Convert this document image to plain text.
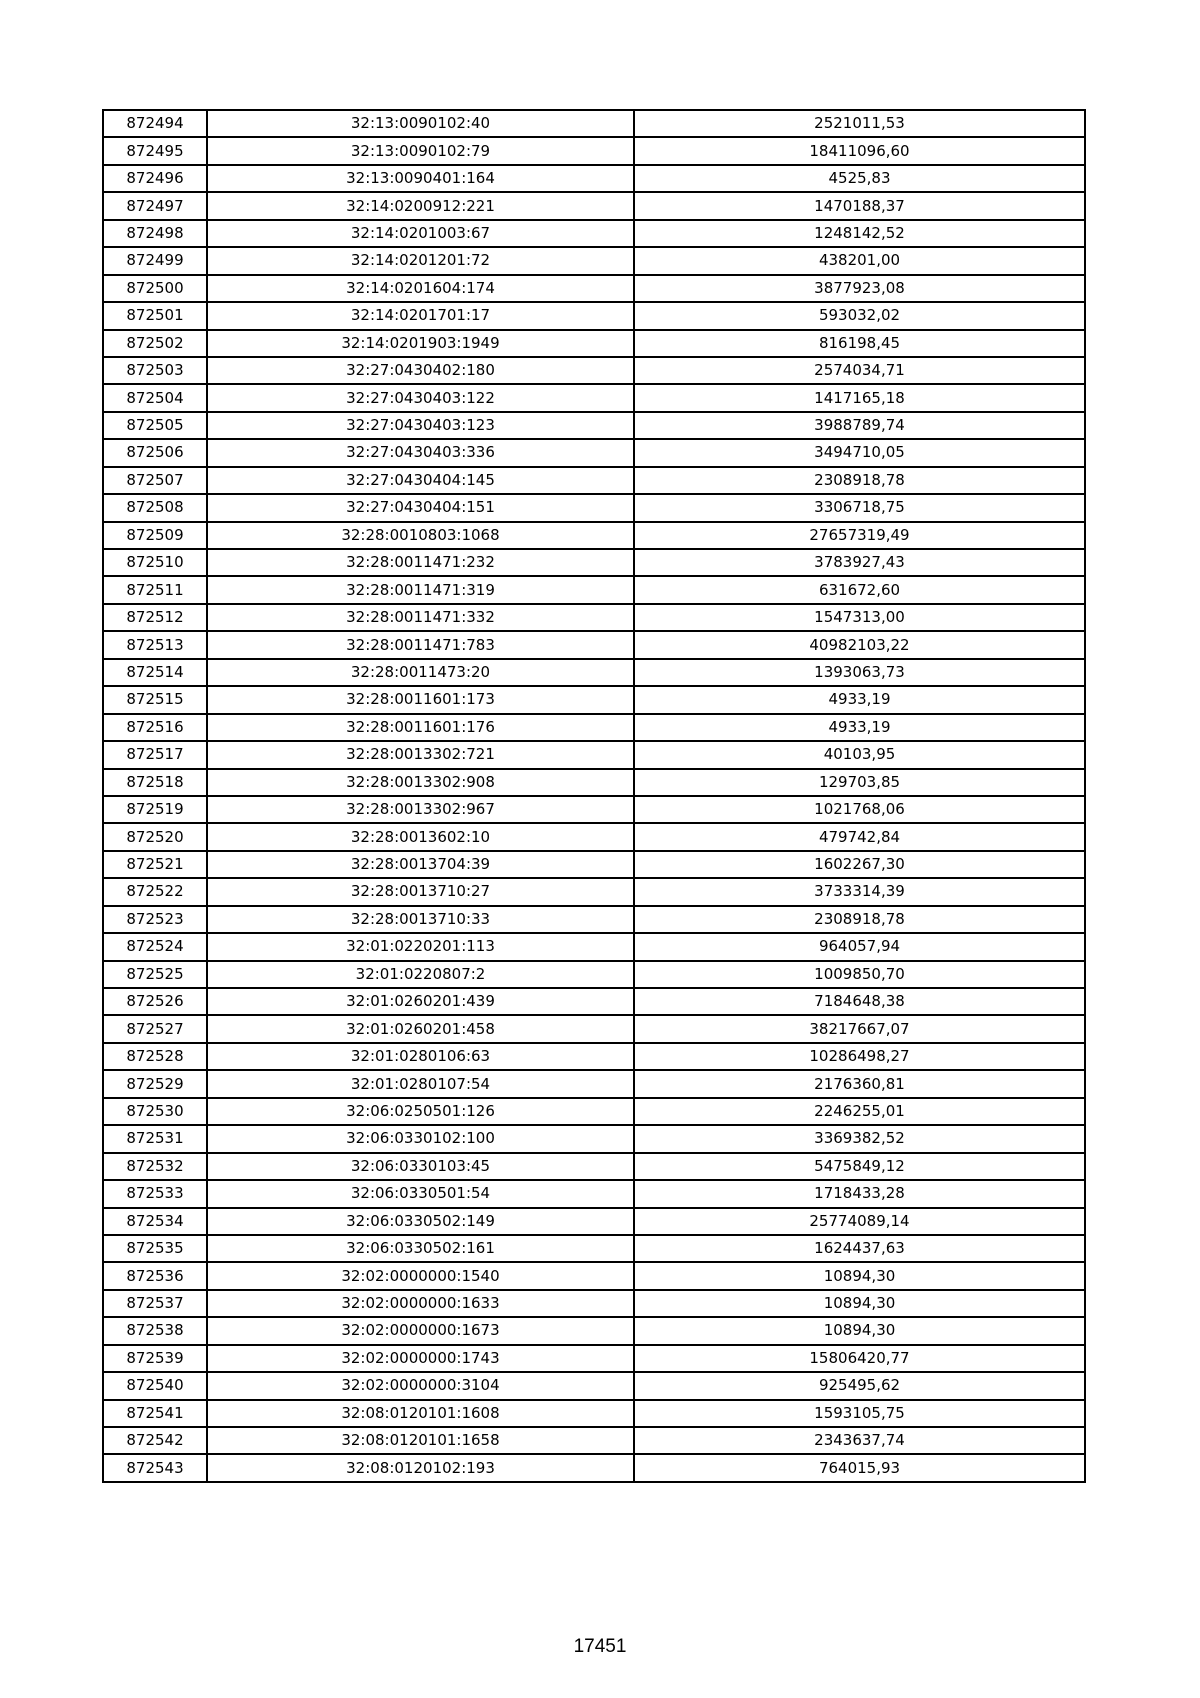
872494	32:13:0090102:40	2521011,53
872495	32:13:0090102:79	18411096,60
872496	32:13:0090401:164	4525,83
872497	32:14:0200912:221	1470188,37
872498	32:14:0201003:67	1248142,52
872499	32:14:0201201:72	438201,00
872500	32:14:0201604:174	3877923,08
872501	32:14:0201701:17	593032,02
872502	32:14:0201903:1949	816198,45
872503	32:27:0430402:180	2574034,71
872504	32:27:0430403:122	1417165,18
872505	32:27:0430403:123	3988789,74
872506	32:27:0430403:336	3494710,05
872507	32:27:0430404:145	2308918,78
872508	32:27:0430404:151	3306718,75
872509	32:28:0010803:1068	27657319,49
872510	32:28:0011471:232	3783927,43
872511	32:28:0011471:319	631672,60
872512	32:28:0011471:332	1547313,00
872513	32:28:0011471:783	40982103,22
872514	32:28:0011473:20	1393063,73
872515	32:28:0011601:173	4933,19
872516	32:28:0011601:176	4933,19
872517	32:28:0013302:721	40103,95
872518	32:28:0013302:908	129703,85
872519	32:28:0013302:967	1021768,06
872520	32:28:0013602:10	479742,84
872521	32:28:0013704:39	1602267,30
872522	32:28:0013710:27	3733314,39
872523	32:28:0013710:33	2308918,78
872524	32:01:0220201:113	964057,94
872525	32:01:0220807:2	1009850,70
872526	32:01:0260201:439	7184648,38
872527	32:01:0260201:458	38217667,07
872528	32:01:0280106:63	10286498,27
872529	32:01:0280107:54	2176360,81
872530	32:06:0250501:126	2246255,01
872531	32:06:0330102:100	3369382,52
872532	32:06:0330103:45	5475849,12
872533	32:06:0330501:54	1718433,28
872534	32:06:0330502:149	25774089,14
872535	32:06:0330502:161	1624437,63
872536	32:02:0000000:1540	10894,30
872537	32:02:0000000:1633	10894,30
872538	32:02:0000000:1673	10894,30
872539	32:02:0000000:1743	15806420,77
872540	32:02:0000000:3104	925495,62
872541	32:08:0120101:1608	1593105,75
872542	32:08:0120101:1658	2343637,74
872543	32:08:0120102:193	764015,93
17451
